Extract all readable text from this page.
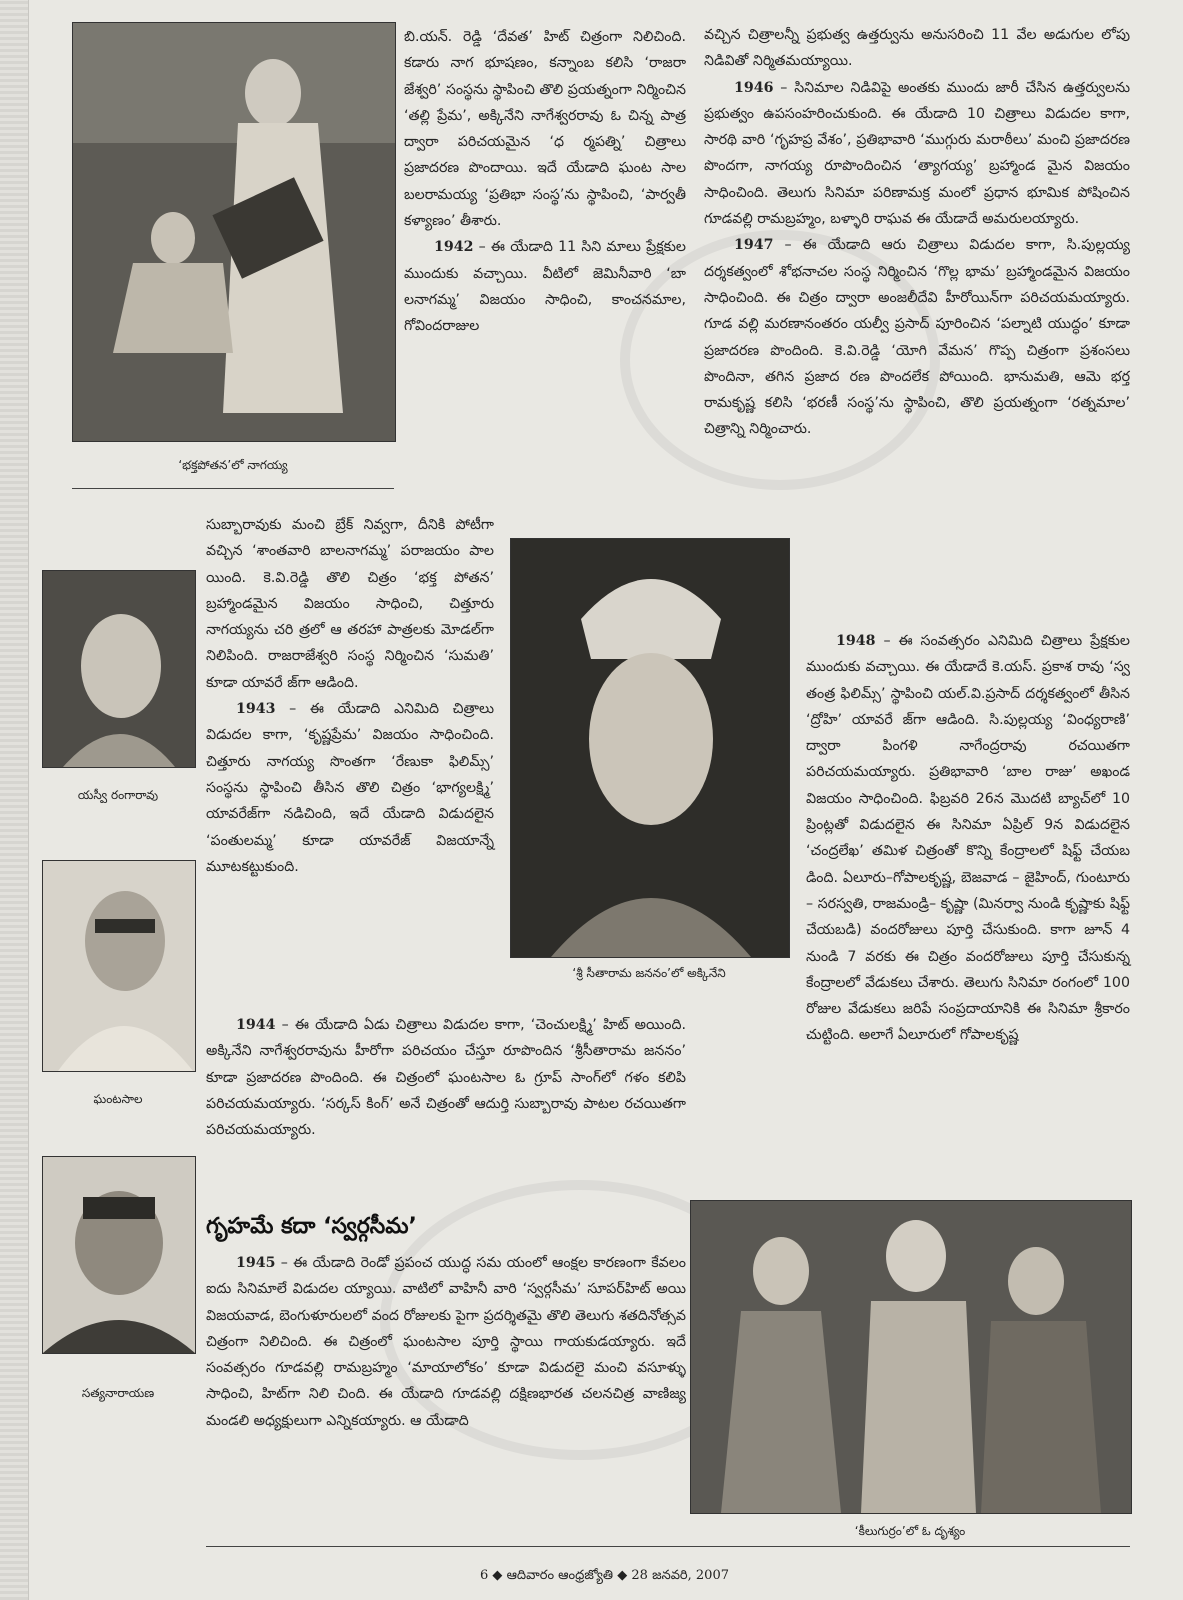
‘భక్తపోతన’లో నాగయ్య
యస్వీ రంగారావు
ఘంటసాల
సత్యనారాయణ
‘శ్రీ సీతారామ జననం’లో అక్కినేని
‘కీలుగుర్రం’లో ఓ దృశ్యం

బి.యన్. రెడ్డి ‘దేవత’ హిట్ చిత్రంగా నిలిచింది. కడారు నాగ భూషణం, కన్నాంబ కలిసి ‘రాజరా జేశ్వరి’ సంస్థను స్థాపించి తొలి ప్రయత్నంగా నిర్మించిన ‘తల్లి ప్రేమ’, అక్కినేని నాగేశ్వరరావు ఓ చిన్న పాత్ర ద్వారా పరిచయమైన ‘ధ ర్మపత్ని’ చిత్రాలు ప్రజాదరణ పొందాయి. ఇదే యేడాది ఘంట సాల బలరామయ్య ‘ప్రతిభా సంస్థ’ను స్థాపించి, ‘పార్వతీ కళ్యాణం’ తీశారు.

1942 – ఈ యేడాది 11 సిని మాలు ప్రేక్షకుల ముందుకు వచ్చాయి. వీటిలో జెమినీవారి ‘బా లనాగమ్మ’ విజయం సాధించి, కాంచనమాల, గోవిందరాజుల

సుబ్బారావుకు మంచి బ్రేక్ నివ్వగా, దీనికి పోటీగా వచ్చిన ‘శాంతవారి బాలనాగమ్మ’ పరాజయం పాల యింది. కె.వి.రెడ్డి తొలి చిత్రం ‘భక్త పోతన’ బ్రహ్మాండమైన విజయం సాధించి, చిత్తూరు నాగయ్యను చరి త్రలో ఆ తరహా పాత్రలకు మోడల్‌గా నిలిపింది. రాజరాజేశ్వరి సంస్థ నిర్మించిన ‘సుమతి’ కూడా యావరే జ్‌గా ఆడింది.

1943 – ఈ యేడాది ఎనిమిది చిత్రాలు విడుదల కాగా, ‘కృష్ణప్రేమ’ విజయం సాధించింది. చిత్తూరు నాగయ్య సొంతగా ‘రేణుకా ఫిలిమ్స్’ సంస్థను స్థాపించి తీసిన తొలి చిత్రం ‘భాగ్యలక్ష్మి’ యావరేజ్‌గా నడిచింది, ఇదే యేడాది విడుదలైన ‘పంతులమ్మ’ కూడా యావరేజ్ విజయాన్నే మూటకట్టుకుంది.

1944 – ఈ యేడాది ఏడు చిత్రాలు విడుదల కాగా, ‘చెంచులక్ష్మి’ హిట్ అయింది. అక్కినేని నాగేశ్వరరావును హీరోగా పరిచయం చేస్తూ రూపొందిన ‘శ్రీసీతారామ జననం’ కూడా ప్రజాదరణ పొందింది. ఈ చిత్రంలో ఘంటసాల ఓ గ్రూప్ సాంగ్‌లో గళం కలిపి పరిచయమయ్యారు. ‘సర్కస్ కింగ్’ అనే చిత్రంతో ఆదుర్తి సుబ్బారావు పాటల రచయితగా పరిచయమయ్యారు.

గృహమే కదా ‘స్వర్గసీమ’

1945 – ఈ యేడాది రెండో ప్రపంచ యుద్ధ సమ యంలో ఆంక్షల కారణంగా కేవలం ఐదు సినిమాలే విడుదల య్యాయి. వాటిలో వాహినీ వారి ‘స్వర్గసీమ’ సూపర్‌హిట్ అయి విజయవాడ, బెంగుళూరులలో వంద రోజులకు పైగా ప్రదర్శితమై తొలి తెలుగు శతదినోత్సవ చిత్రంగా నిలిచింది. ఈ చిత్రంలో ఘంటసాల పూర్తి స్థాయి గాయకుడయ్యారు. ఇదే సంవత్సరం గూడవల్లి రామబ్రహ్మం ‘మాయాలోకం’ కూడా విడుదలై మంచి వసూళ్ళు సాధించి, హిట్‌గా నిలి చింది. ఈ యేడాది గూడవల్లి దక్షిణభారత చలనచిత్ర వాణిజ్య మండలి అధ్యక్షులుగా ఎన్నికయ్యారు. ఆ యేడాది

వచ్చిన చిత్రాలన్నీ ప్రభుత్వ ఉత్తర్వును అనుసరించి 11 వేల అడుగుల లోపు నిడివితో నిర్మితమయ్యాయి.

1946 – సినిమాల నిడివిపై అంతకు ముందు జారీ చేసిన ఉత్తర్వులను ప్రభుత్వం ఉపసంహరించుకుంది. ఈ యేడాది 10 చిత్రాలు విడుదల కాగా, సారథి వారి ‘గృహప్ర వేశం’, ప్రతిభావారి ‘ముగ్గురు మరాఠీలు’ మంచి ప్రజాదరణ పొందగా, నాగయ్య రూపొందించిన ‘త్యాగయ్య’ బ్రహ్మాండ మైన విజయం సాధించింది. తెలుగు సినిమా పరిణామక్ర మంలో ప్రధాన భూమిక పోషించిన గూడవల్లి రామబ్రహ్మం, బళ్ళారి రాఘవ ఈ యేడాదే అమరులయ్యారు.

1947 – ఈ యేడాది ఆరు చిత్రాలు విడుదల కాగా, సి.పుల్లయ్య దర్శకత్వంలో శోభనాచల సంస్థ నిర్మించిన ‘గొల్ల భామ’ బ్రహ్మాండమైన విజయం సాధించింది. ఈ చిత్రం ద్వారా అంజలీదేవి హీరోయిన్‌గా పరిచయమయ్యారు. గూడ వల్లి మరణానంతరం యల్వీ ప్రసాద్ పూరించిన ‘పల్నాటి యుద్ధం’ కూడా ప్రజాదరణ పొందింది. కె.వి.రెడ్డి ‘యోగి వేమన’ గొప్ప చిత్రంగా ప్రశంసలు పొందినా, తగిన ప్రజాద రణ పొందలేక పోయింది. భానుమతి, ఆమె భర్త రామకృష్ణ కలిసి ‘భరణీ సంస్థ’ను స్థాపించి, తొలి ప్రయత్నంగా ‘రత్నమాల’ చిత్రాన్ని నిర్మించారు.

1948 – ఈ సంవత్సరం ఎనిమిది చిత్రాలు ప్రేక్షకుల ముందుకు వచ్చాయి. ఈ యేడాదే కె.యస్. ప్రకాశ రావు ‘స్వ తంత్ర ఫిలిమ్స్’ స్థాపించి యల్.వి.ప్రసాద్ దర్శకత్వంలో తీసిన ‘ద్రోహి’ యావరే జ్‌గా ఆడింది. సి.పుల్లయ్య ‘వింధ్యరాణి’ ద్వారా పింగళి నాగేంద్రరావు రచయితగా పరిచయమయ్యారు. ప్రతిభావారి ‘బాల రాజు’ అఖండ విజయం సాధించింది. ఫిబ్రవరి 26న మొదటి బ్యాచ్‌లో 10 ప్రింట్లతో విడుదలైన ఈ సినిమా ఏప్రిల్ 9న విడుదలైన ‘చంద్రలేఖ’ తమిళ చిత్రంతో కొన్ని కేంద్రాలలో షిఫ్ట్ చేయబ డింది. ఏలూరు–గోపాలకృష్ణ, బెజవాడ – జైహింద్, గుంటూరు – సరస్వతి, రాజమండ్రి– కృష్ణా (మినర్వా నుండి కృష్ణాకు షిఫ్ట్ చేయబడి) వందరోజులు పూర్తి చేసుకుంది. కాగా జూన్ 4 నుండి 7 వరకు ఈ చిత్రం వందరోజులు పూర్తి చేసుకున్న కేంద్రాలలో వేడుకలు చేశారు. తెలుగు సినిమా రంగంలో 100 రోజుల వేడుకలు జరిపే సంప్రదాయానికి ఈ సినిమా శ్రీకారం చుట్టింది. అలాగే ఏలూరులో గోపాలకృష్ణ

6 ◆ ఆదివారం ఆంధ్రజ్యోతి ◆ 28 జనవరి, 2007
